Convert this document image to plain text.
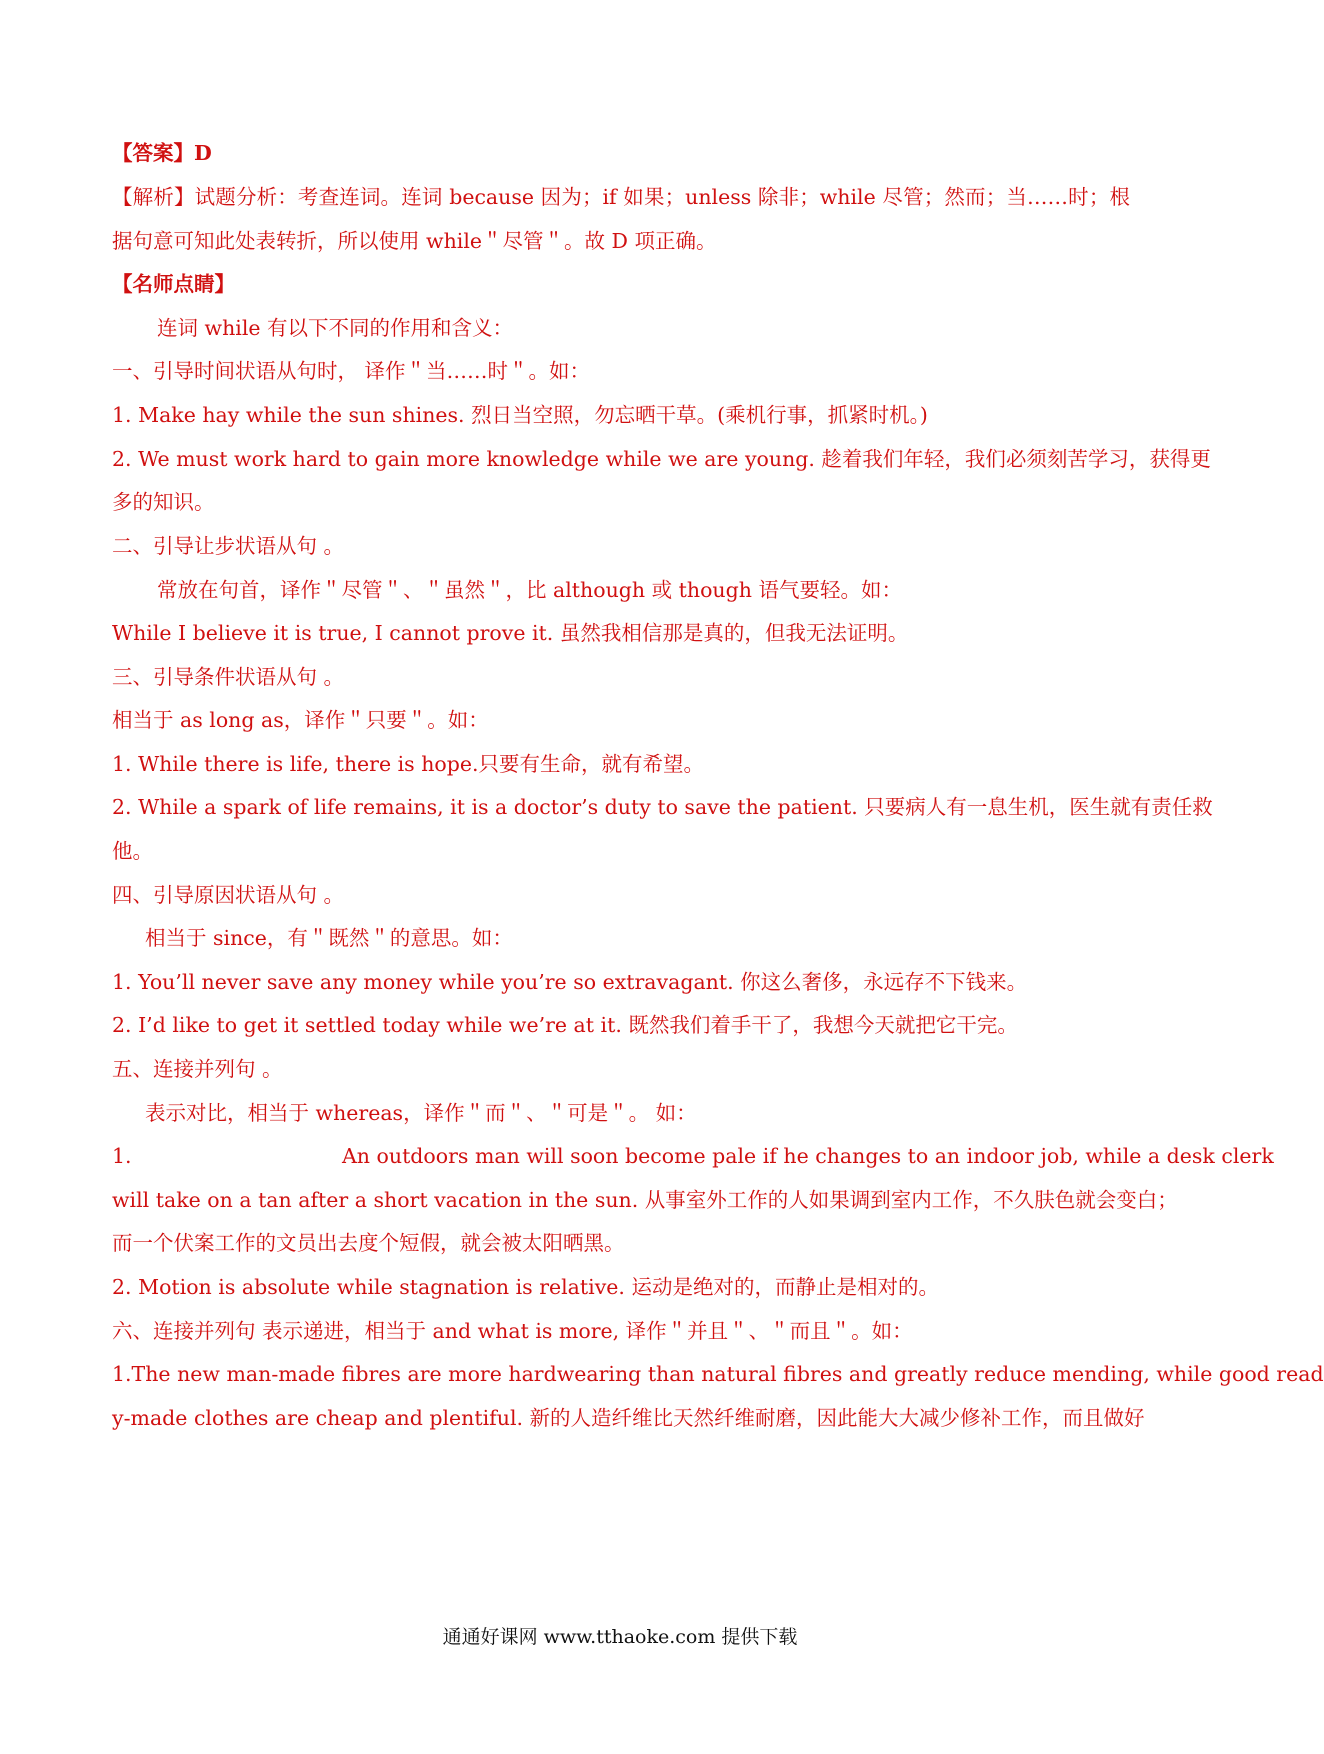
【答案】D
【解析】试题分析：考查连词。连词 because 因为；if 如果；unless 除非；while 尽管；然而；当……时；根
据句意可知此处表转折，所以使用 while＂尽管＂。故 D 项正确。
【名师点睛】
连词 while 有以下不同的作用和含义：
一、引导时间状语从句时， 译作＂当……时＂。如：
1. Make hay while the sun shines. 烈日当空照，勿忘晒干草。(乘机行事，抓紧时机。)
2. We must work hard to gain more knowledge while we are young. 趁着我们年轻，我们必须刻苦学习，获得更
多的知识。
二、引导让步状语从句 。
常放在句首，译作＂尽管＂、＂虽然＂，比 although 或 though 语气要轻。如：
While I believe it is true, I cannot prove it. 虽然我相信那是真的，但我无法证明。
三、引导条件状语从句 。
相当于 as long as，译作＂只要＂。如：
1. While there is life, there is hope.只要有生命，就有希望。
2. While a spark of life remains, it is a doctor’s duty to save the patient. 只要病人有一息生机，医生就有责任救
他。
四、引导原因状语从句 。
相当于 since，有＂既然＂的意思。如：
1. You’ll never save any money while you’re so extravagant. 你这么奢侈，永远存不下钱来。
2. I’d like to get it settled today while we’re at it. 既然我们着手干了，我想今天就把它干完。
五、连接并列句 。
表示对比，相当于 whereas，译作＂而＂、＂可是＂。 如：
1.	An outdoors man will soon become pale if he changes to an indoor job, while a desk clerk
will take on a tan after a short vacation in the sun. 从事室外工作的人如果调到室内工作，不久肤色就会变白；
而一个伏案工作的文员出去度个短假，就会被太阳晒黑。
2. Motion is absolute while stagnation is relative. 运动是绝对的，而静止是相对的。
六、连接并列句 表示递进，相当于 and what is more, 译作＂并且＂、＂而且＂。如：
1.The new man-made fibres are more hardwearing than natural fibres and greatly reduce mending, while good read
y-made clothes are cheap and plentiful. 新的人造纤维比天然纤维耐磨，因此能大大减少修补工作，而且做好
通通好课网 www.tthaoke.com 提供下载
